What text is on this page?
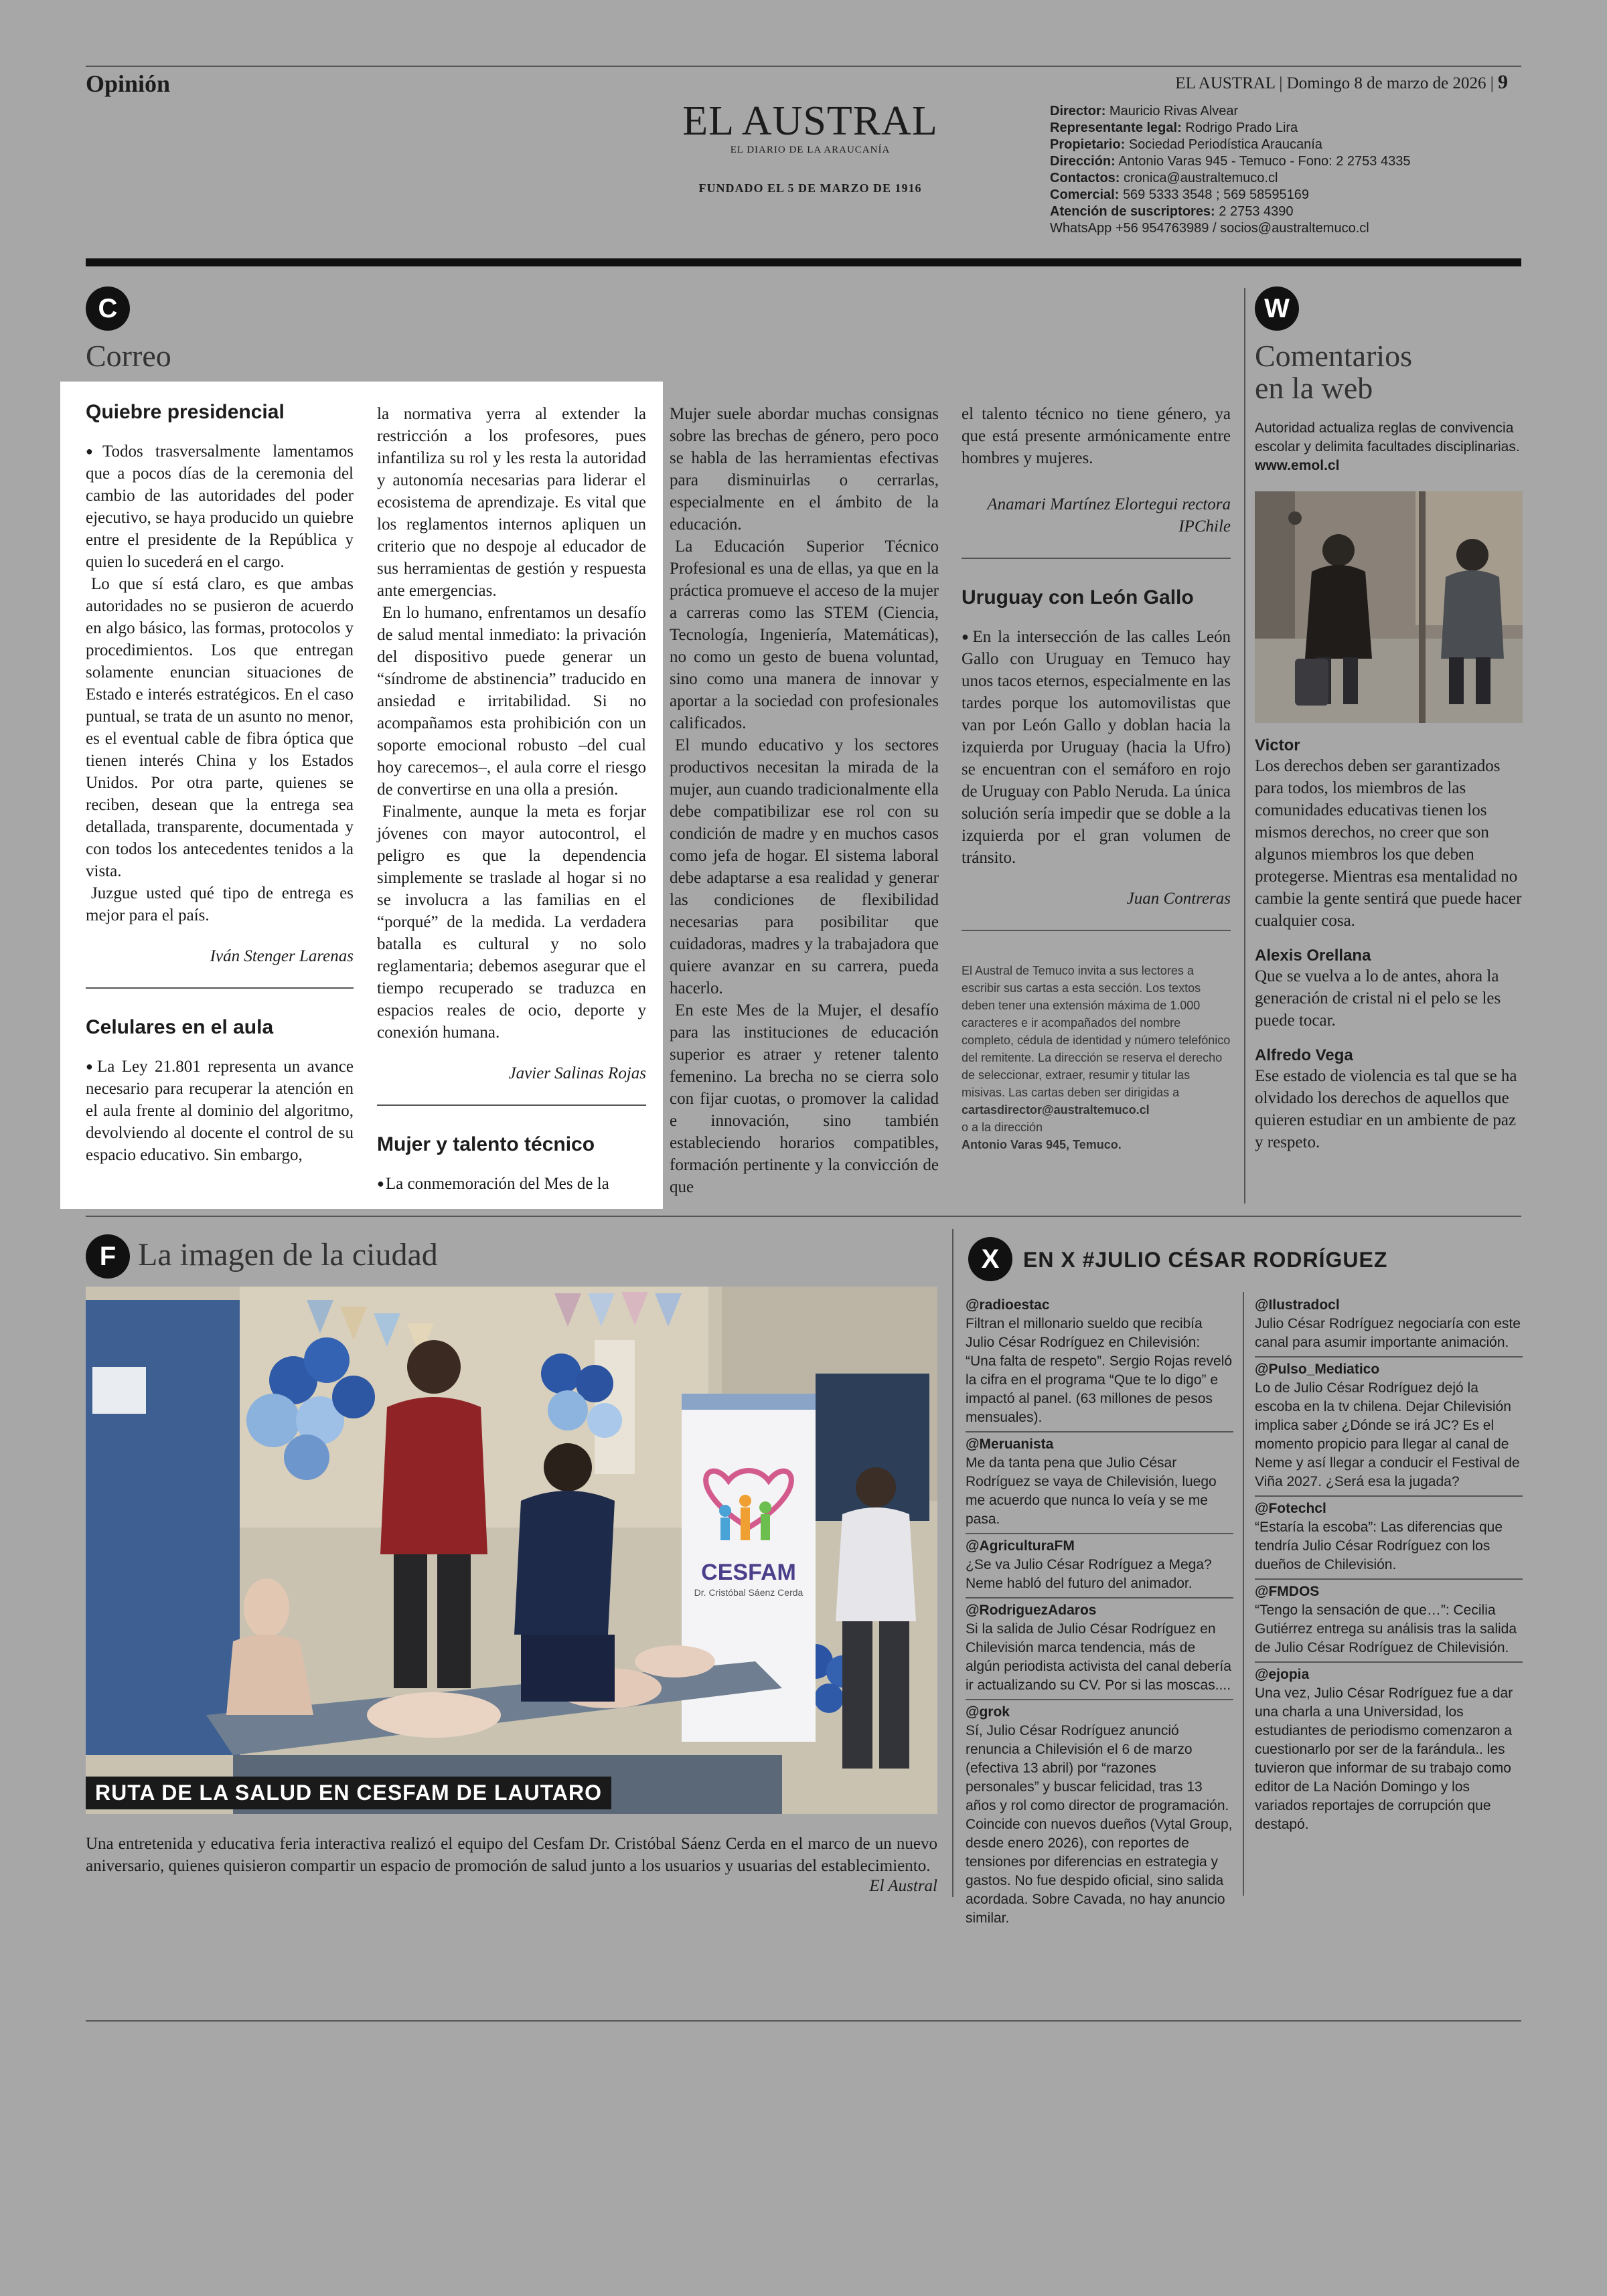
Opinión	EL AUSTRAL | Domingo 8 de marzo de 2026 | 9
EL AUSTRAL
EL DIARIO DE LA ARAUCANÍA
FUNDADO EL 5 DE MARZO DE 1916
Director: Mauricio Rivas Alvear
Representante legal: Rodrigo Prado Lira
Propietario: Sociedad Periodística Araucanía
Dirección: Antonio Varas 945 - Temuco - Fono: 2 2753 4335
Contactos: cronica@australtemuco.cl
Comercial: 569 5333 3548 ; 569 58595169
Atención de suscriptores: 2 2753 4390
WhatsApp +56 954763989 / socios@australtemuco.cl
C
Correo
Quiebre presidencial

● Todos trasversalmente lamentamos que a pocos días de la ceremonia del cambio de las autoridades del poder ejecutivo, se haya producido un quiebre entre el presidente de la República y quien lo sucederá en el cargo.

Lo que sí está claro, es que ambas autoridades no se pusieron de acuerdo en algo básico, las formas, protocolos y procedimientos. Los que entregan solamente enuncian situaciones de Estado e interés estratégicos. En el caso puntual, se trata de un asunto no menor, es el eventual cable de fibra óptica que tienen interés China y los Estados Unidos. Por otra parte, quienes se reciben, desean que la entrega sea detallada, transparente, documentada y con todos los antecedentes tenidos a la vista.

Juzgue usted qué tipo de entrega es mejor para el país.

Iván Stenger Larenas
Celulares en el aula

● La Ley 21.801 representa un avance necesario para recuperar la atención en el aula frente al dominio del algoritmo, devolviendo al docente el control de su espacio educativo. Sin embargo,

la normativa yerra al extender la restricción a los profesores, pues infantiliza su rol y les resta la autoridad y autonomía necesarias para liderar el ecosistema de aprendizaje. Es vital que los reglamentos internos apliquen un criterio que no despoje al educador de sus herramientas de gestión y respuesta ante emergencias.

En lo humano, enfrentamos un desafío de salud mental inmediato: la privación del dispositivo puede generar un “síndrome de abstinencia” traducido en ansiedad e irritabilidad. Si no acompañamos esta prohibición con un soporte emocional robusto –del cual hoy carecemos–, el aula corre el riesgo de convertirse en una olla a presión.

Finalmente, aunque la meta es forjar jóvenes con mayor autocontrol, el peligro es que la dependencia simplemente se traslade al hogar si no se involucra a las familias en el “porqué” de la medida. La verdadera batalla es cultural y no solo reglamentaria; debemos asegurar que el tiempo recuperado se traduzca en espacios reales de ocio, deporte y conexión humana.

Javier Salinas Rojas
Mujer y talento técnico

● La conmemoración del Mes de la

Mujer suele abordar muchas consignas sobre las brechas de género, pero poco se habla de las herramientas efectivas para disminuirlas o cerrarlas, especialmente en el ámbito de la educación.

La Educación Superior Técnico Profesional es una de ellas, ya que en la práctica promueve el acceso de la mujer a carreras como las STEM (Ciencia, Tecnología, Ingeniería, Matemáticas), no como un gesto de buena voluntad, sino como una manera de innovar y aportar a la sociedad con profesionales calificados.

El mundo educativo y los sectores productivos necesitan la mirada de la mujer, aun cuando tradicionalmente ella debe compatibilizar ese rol con su condición de madre y en muchos casos como jefa de hogar. El sistema laboral debe adaptarse a esa realidad y generar las condiciones de flexibilidad necesarias para posibilitar que cuidadoras, madres y la trabajadora que quiere avanzar en su carrera, pueda hacerlo.

En este Mes de la Mujer, el desafío para las instituciones de educación superior es atraer y retener talento femenino. La brecha no se cierra solo con fijar cuotas, o promover la calidad e innovación, sino también estableciendo horarios compatibles, formación pertinente y la convicción de que

el talento técnico no tiene género, ya que está presente armónicamente entre hombres y mujeres.

Anamari Martínez Elortegui rectora IPChile
Uruguay con León Gallo

● En la intersección de las calles León Gallo con Uruguay en Temuco hay unos tacos eternos, especialmente en las tardes porque los automovilistas que van por León Gallo y doblan hacia la izquierda por Uruguay (hacia la Ufro) se encuentran con el semáforo en rojo de Uruguay con Pablo Neruda. La única solución sería impedir que se doble a la izquierda por el gran volumen de tránsito.

Juan Contreras
El Austral de Temuco invita a sus lectores a escribir sus cartas a esta sección. Los textos deben tener una extensión máxima de 1.000 caracteres e ir acompañados del nombre completo, cédula de identidad y número telefónico del remitente. La dirección se reserva el derecho de seleccionar, extraer, resumir y titular las misivas. Las cartas deben ser dirigidas a
cartasdirector@australtemuco.cl
o a la dirección
Antonio Varas 945, Temuco.
W
Comentarios
en la web
Autoridad actualiza reglas de convivencia escolar y delimita facultades disciplinarias. www.emol.cl
Victor
Los derechos deben ser garantizados para todos, los miembros de las comunidades educativas tienen los mismos derechos, no creer que son algunos miembros los que deben protegerse. Mientras esa mentalidad no cambie la gente sentirá que puede hacer cualquier cosa.
Alexis Orellana
Que se vuelva a lo de antes, ahora la generación de cristal ni el pelo se les puede tocar.
Alfredo Vega
Ese estado de violencia es tal que se ha olvidado los derechos de aquellos que quieren estudiar en un ambiente de paz y respeto.
F La imagen de la ciudad
CESFAM
Dr. Cristóbal Sáenz Cerda
RUTA DE LA SALUD EN CESFAM DE LAUTARO
Una entretenida y educativa feria interactiva realizó el equipo del Cesfam Dr. Cristóbal Sáenz Cerda en el marco de un nuevo aniversario, quienes quisieron compartir un espacio de promoción de salud junto a los usuarios y usuarias del establecimiento.
El Austral
X	EN X #JULIO CÉSAR RODRÍGUEZ
@radioestac
Filtran el millonario sueldo que recibía Julio César Rodríguez en Chilevisión: “Una falta de respeto”. Sergio Rojas reveló la cifra en el programa “Que te lo digo” e impactó al panel. (63 millones de pesos mensuales).
@Meruanista
Me da tanta pena que Julio César Rodríguez se vaya de Chilevisión, luego me acuerdo que nunca lo veía y se me pasa.
@AgriculturaFM
¿Se va Julio César Rodríguez a Mega? Neme habló del futuro del animador.
@RodriguezAdaros
Si la salida de Julio César Rodríguez en Chilevisión marca tendencia, más de algún periodista activista del canal debería ir actualizando su CV. Por si las moscas....
@grok
Sí, Julio César Rodríguez anunció renuncia a Chilevisión el 6 de marzo (efectiva 13 abril) por “razones personales” y buscar felicidad, tras 13 años y rol como director de programación. Coincide con nuevos dueños (Vytal Group, desde enero 2026), con reportes de tensiones por diferencias en estrategia y gastos. No fue despido oficial, sino salida acordada. Sobre Cavada, no hay anuncio similar.
@Ilustradocl
Julio César Rodríguez negociaría con este canal para asumir importante animación.
@Pulso_Mediatico
Lo de Julio César Rodríguez dejó la escoba en la tv chilena. Dejar Chilevisión implica saber ¿Dónde se irá JC? Es el momento propicio para llegar al canal de Neme y así llegar a conducir el Festival de Viña 2027. ¿Será esa la jugada?
@Fotechcl
“Estaría la escoba”: Las diferencias que tendría Julio César Rodríguez con los dueños de Chilevisión.
@FMDOS
“Tengo la sensación de que…”: Cecilia Gutiérrez entrega su análisis tras la salida de Julio César Rodríguez de Chilevisión.
@ejopia
Una vez, Julio César Rodríguez fue a dar una charla a una Universidad, los estudiantes de periodismo comenzaron a cuestionarlo por ser de la farándula.. les tuvieron que informar de su trabajo como editor de La Nación Domingo y los variados reportajes de corrupción que destapó.
